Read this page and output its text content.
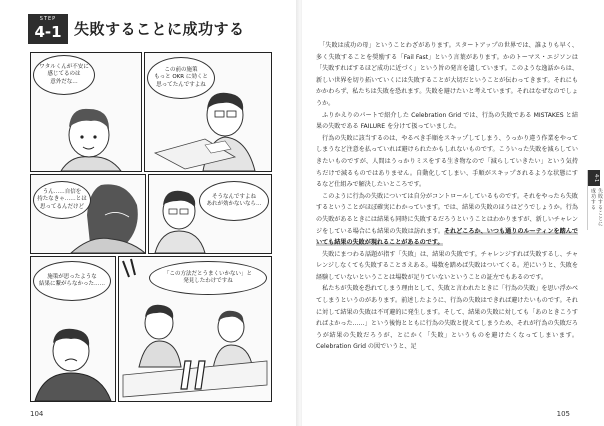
STEP
4-1 失敗することに成功する
ワタルくんが不安に
感じてるのは
意外だな…
この前の施策
もっと OKR に効くと
思ってたんですよね
うん……自信を
持たなきゃ……とは
思ってるんだけど
そうなんですよね
あれが効かないなら…
施策が思ったような
結果に繋がらなかった……
「この方法だとうまくいかない」と
発見したわけですね
104

「失敗は成功の母」ということわざがあります。スタートアップの世界では、誰よりも早く、多く失敗することを奨励する「Fail Fast」という言葉があります。かのトーマス・エジソンは「失敗すればするほど成功に近づく」という旨の発言を遺しています。このような逸話からは、新しい世界を切り拓いていくには失敗することが大切だということが伝わってきます。それにもかかわらず、私たちは失敗を恐れます。失敗を避けたいと考えています。それはなぜなのでしょうか。

ふりかえりのパートで紹介した Celebration Grid では、行為の失敗である MISTAKES と結果の失敗である FAILURE を分けて扱っていました。

行為の失敗に該当するのは、やるべき手順をスキップしてしまう、うっかり違う作業をやってしまうなど注意を払っていれば避けられたかもしれないものです。こういった失敗を減らしていきたいものですが、人間はうっかりミスをする生き物なので「減らしていきたい」という気持ちだけで減るものではありません。自動化してしまい、手順がスキップされるような状態にするなど仕組みで解決したいところです。

このように行為の失敗については自分がコントロールしているものです。それをやったら失敗するということがほぼ確実にわかっています。では、結果の失敗のほうはどうでしょうか。行為の失敗があるときには結果も同時に失敗するだろうということはわかりますが、新しいチャレンジをしている場合にも結果の失敗は訪れます。それどころか、いつも通りのルーティンを踏んでいても結果の失敗が現れることがあるのです。

失敗にまつわる話題が指す「失敗」は、結果の失敗です。チャレンジすれば失敗するし、チャレンジしなくても失敗することさえある。場数を踏めば失敗はついてくる。逆にいうと、失敗を経験していないということは場数が足りていないということの証左でもあるのです。

私たちが失敗を恐れてしまう理由として、失敗と言われたときに「行為の失敗」を思い浮かべてしまうというのがあります。前述したように、行為の失敗はできれば避けたいものです。それに対して結果の失敗は不可避的に発生します。そして、結果の失敗に対しても「あのときこうすればよかった……」という後悔とともに行為の失敗と捉えてしまうため、それが行為の失敗だろうが結果の失敗だろうが、とにかく「失敗」というものを避けたくなってしまいます。Celebration Grid の図でいうと、足

4-1
失敗することに成功する
105
